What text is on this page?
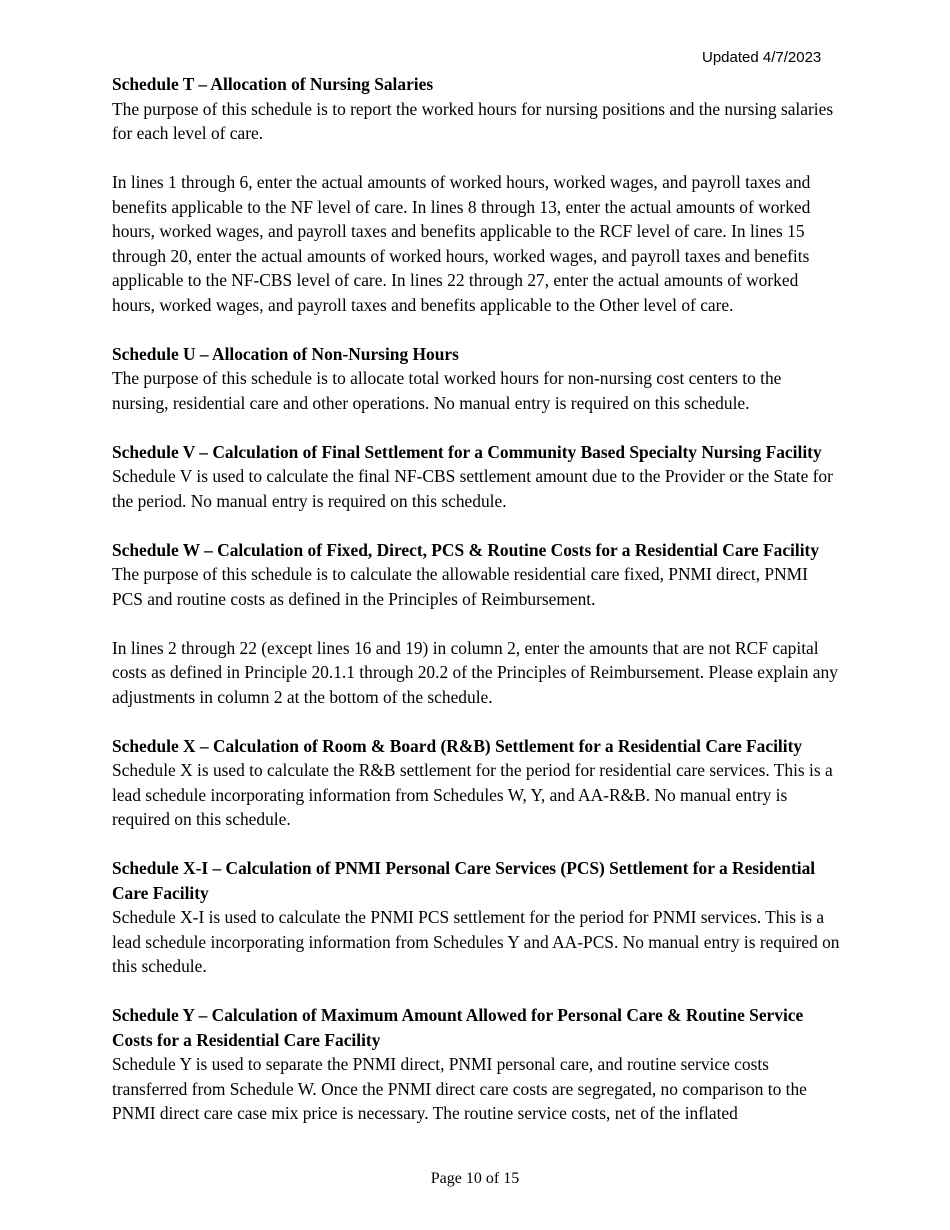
Updated 4/7/2023
Schedule T – Allocation of Nursing Salaries

The purpose of this schedule is to report the worked hours for nursing positions and the nursing salaries for each level of care.

In lines 1 through 6, enter the actual amounts of worked hours, worked wages, and payroll taxes and benefits applicable to the NF level of care. In lines 8 through 13, enter the actual amounts of worked hours, worked wages, and payroll taxes and benefits applicable to the RCF level of care. In lines 15 through 20, enter the actual amounts of worked hours, worked wages, and payroll taxes and benefits applicable to the NF-CBS level of care. In lines 22 through 27, enter the actual amounts of worked hours, worked wages, and payroll taxes and benefits applicable to the Other level of care.

Schedule U – Allocation of Non-Nursing Hours

The purpose of this schedule is to allocate total worked hours for non-nursing cost centers to the nursing, residential care and other operations. No manual entry is required on this schedule.

Schedule V – Calculation of Final Settlement for a Community Based Specialty Nursing Facility Schedule V is used to calculate the final NF-CBS settlement amount due to the Provider or the State for the period. No manual entry is required on this schedule.

Schedule W – Calculation of Fixed, Direct, PCS & Routine Costs for a Residential Care Facility The purpose of this schedule is to calculate the allowable residential care fixed, PNMI direct, PNMI PCS and routine costs as defined in the Principles of Reimbursement.

In lines 2 through 22 (except lines 16 and 19) in column 2, enter the amounts that are not RCF capital costs as defined in Principle 20.1.1 through 20.2 of the Principles of Reimbursement. Please explain any adjustments in column 2 at the bottom of the schedule.

Schedule X – Calculation of Room & Board (R&B) Settlement for a Residential Care Facility

Schedule X is used to calculate the R&B settlement for the period for residential care services. This is a lead schedule incorporating information from Schedules W, Y, and AA-R&B. No manual entry is required on this schedule.

Schedule X-I – Calculation of PNMI Personal Care Services (PCS) Settlement for a Residential Care Facility

Schedule X-I is used to calculate the PNMI PCS settlement for the period for PNMI services. This is a lead schedule incorporating information from Schedules Y and AA-PCS. No manual entry is required on this schedule.

Schedule Y – Calculation of Maximum Amount Allowed for Personal Care & Routine Service Costs for a Residential Care Facility

Schedule Y is used to separate the PNMI direct, PNMI personal care, and routine service costs transferred from Schedule W. Once the PNMI direct care costs are segregated, no comparison to the PNMI direct care case mix price is necessary. The routine service costs, net of the inflated

Page 10 of 15
